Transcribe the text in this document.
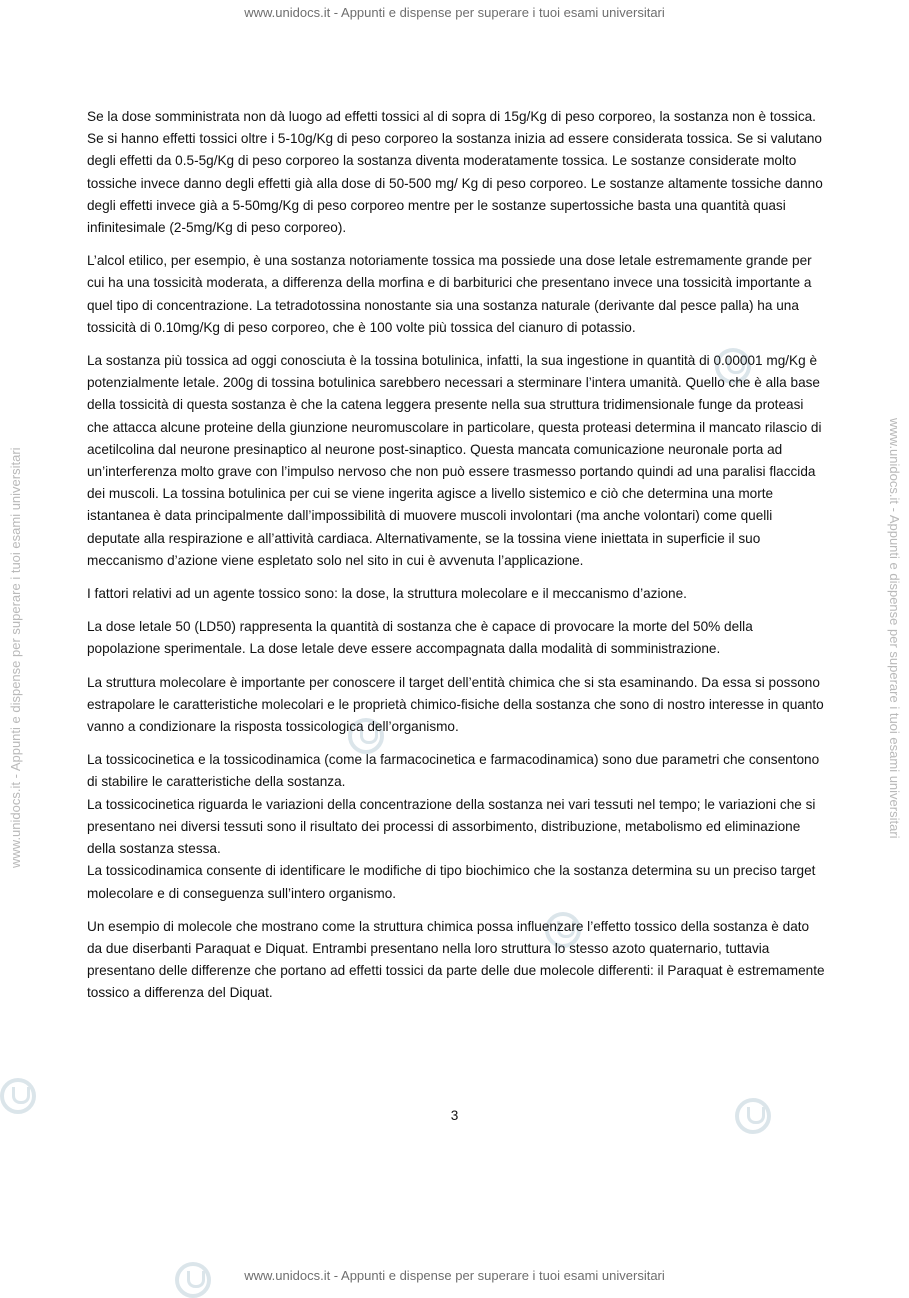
www.unidocs.it - Appunti e dispense per superare i tuoi esami universitari
www.unidocs.it - Appunti e dispense per superare i tuoi esami universitari	www.unidocs.it - Appunti e dispense per superare i tuoi esami universitari

Se la dose somministrata non dà luogo ad effetti tossici al di sopra di 15g/Kg di peso corporeo, la sostanza non è tossica. Se si hanno effetti tossici oltre i 5-10g/Kg di peso corporeo la sostanza inizia ad essere considerata tossica. Se si valutano degli effetti da 0.5-5g/Kg di peso corporeo la sostanza diventa moderatamente tossica. Le sostanze considerate molto tossiche invece danno degli effetti già alla dose di 50-500 mg/ Kg di peso corporeo. Le sostanze altamente tossiche danno degli effetti invece già a 5-50mg/Kg di peso corporeo mentre per le sostanze supertossiche basta una quantità quasi infinitesimale (2-5mg/Kg di peso corporeo).

L’alcol etilico, per esempio, è una sostanza notoriamente tossica ma possiede una dose letale estremamente grande per cui ha una tossicità moderata, a differenza della morfina e di barbiturici che presentano invece una tossicità importante a quel tipo di concentrazione. La tetradotossina nonostante sia una sostanza naturale (derivante dal pesce palla) ha una tossicità di 0.10mg/Kg di peso corporeo, che è 100 volte più tossica del cianuro di potassio.

La sostanza più tossica ad oggi conosciuta è la tossina botulinica, infatti, la sua ingestione in quantità di 0.00001 mg/Kg è potenzialmente letale. 200g di tossina botulinica sarebbero necessari a sterminare l’intera umanità. Quello che è alla base della tossicità di questa sostanza è che la catena leggera presente nella sua struttura tridimensionale funge da proteasi che attacca alcune proteine della giunzione neuromuscolare in particolare, questa proteasi determina il mancato rilascio di acetilcolina dal neurone presinaptico al neurone post-sinaptico. Questa mancata comunicazione neuronale porta ad un’interferenza molto grave con l’impulso nervoso che non può essere trasmesso portando quindi ad una paralisi flaccida dei muscoli. La tossina botulinica per cui se viene ingerita agisce a livello sistemico e ciò che determina una morte istantanea è data principalmente dall’impossibilità di muovere muscoli involontari (ma anche volontari) come quelli deputate alla respirazione e all’attività cardiaca. Alternativamente, se la tossina viene iniettata in superficie il suo meccanismo d’azione viene espletato solo nel sito in cui è avvenuta l’applicazione.

I fattori relativi ad un agente tossico sono: la dose, la struttura molecolare e il meccanismo d’azione.

La dose letale 50 (LD50) rappresenta la quantità di sostanza che è capace di provocare la morte del 50% della popolazione sperimentale. La dose letale deve essere accompagnata dalla modalità di somministrazione.

La struttura molecolare è importante per conoscere il target dell’entità chimica che si sta esaminando. Da essa si possono estrapolare le caratteristiche molecolari e le proprietà chimico-fisiche della sostanza che sono di nostro interesse in quanto vanno a condizionare la risposta tossicologica dell’organismo.

La tossicocinetica e la tossicodinamica (come la farmacocinetica e farmacodinamica) sono due parametri che consentono di stabilire le caratteristiche della sostanza.
La tossicocinetica riguarda le variazioni della concentrazione della sostanza nei vari tessuti nel tempo; le variazioni che si presentano nei diversi tessuti sono il risultato dei processi di assorbimento, distribuzione, metabolismo ed eliminazione della sostanza stessa.
La tossicodinamica consente di identificare le modifiche di tipo biochimico che la sostanza determina su un preciso target molecolare e di conseguenza sull’intero organismo.

Un esempio di molecole che mostrano come la struttura chimica possa influenzare l’effetto tossico della sostanza è dato da due diserbanti Paraquat e Diquat. Entrambi presentano nella loro struttura lo stesso azoto quaternario, tuttavia presentano delle differenze che portano ad effetti tossici da parte delle due molecole differenti: il Paraquat è estremamente tossico a differenza del Diquat.

3
www.unidocs.it - Appunti e dispense per superare i tuoi esami universitari
